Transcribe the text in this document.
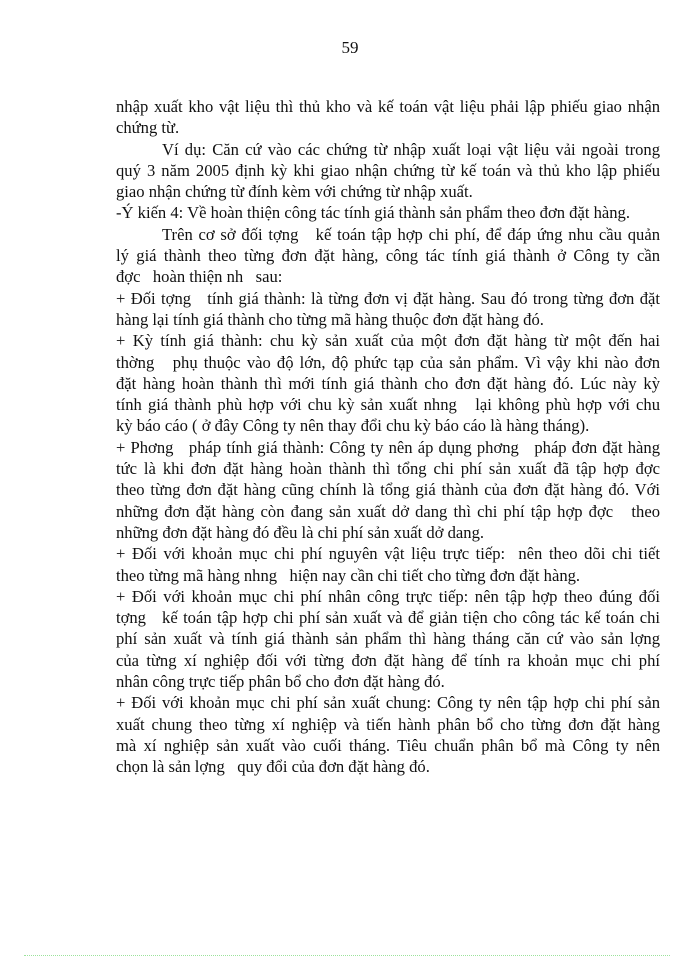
59
nhập xuất kho vật liệu thì thủ kho và kế toán vật liệu phải lập phiếu giao nhận
chứng từ.
Ví dụ: Căn cứ vào các chứng từ nhập xuất loại vật liệu vải ngoài trong
quý 3 năm 2005 định kỳ khi giao nhận chứng từ kế toán và thủ kho lập phiếu
giao nhận chứng từ đính kèm với chứng từ nhập xuất.
-Ý kiến 4: Về hoàn thiện công tác tính giá thành sản phẩm theo đơn đặt hàng.
Trên cơ sở đối tợng   kế toán tập hợp chi phí, để đáp ứng nhu cầu quản
lý giá thành theo từng đơn đặt hàng, công tác tính giá thành ở Công ty cần
đợc   hoàn thiện nh   sau:
+ Đối tợng   tính giá thành: là từng đơn vị đặt hàng. Sau đó trong từng đơn đặt
hàng lại tính giá thành cho từng mã hàng thuộc đơn đặt hàng đó.
+ Kỳ tính giá thành: chu kỳ sản xuất của một đơn đặt hàng từ một đến hai
thờng   phụ thuộc vào độ lớn, độ phức tạp của sản phẩm. Vì vậy khi nào đơn
đặt hàng hoàn thành thì mới tính giá thành cho đơn đặt hàng đó. Lúc này kỳ
tính giá thành phù hợp với chu kỳ sản xuất nhng   lại không phù hợp với chu
kỳ báo cáo ( ở đây Công ty nên thay đổi chu kỳ báo cáo là hàng tháng).
+ Phơng   pháp tính giá thành: Công ty nên áp dụng phơng   pháp đơn đặt hàng
tức là khi đơn đặt hàng hoàn thành thì tổng chi phí sản xuất đã tập hợp đợc
theo từng đơn đặt hàng cũng chính là tổng giá thành của đơn đặt hàng đó. Với
những đơn đặt hàng còn đang sản xuất dở dang thì chi phí tập hợp đợc   theo
những đơn đặt hàng đó đều là chi phí sản xuất dở dang.
+ Đối với khoản mục chi phí nguyên vật liệu trực tiếp:  nên theo dõi chi tiết
theo từng mã hàng nhng   hiện nay cần chi tiết cho từng đơn đặt hàng.
+ Đối với khoản mục chi phí nhân công trực tiếp: nên tập hợp theo đúng đối
tợng   kế toán tập hợp chi phí sản xuất và để giản tiện cho công tác kế toán chi
phí sản xuất và tính giá thành sản phẩm thì hàng tháng căn cứ vào sản lợng
của từng xí nghiệp đối với từng đơn đặt hàng để tính ra khoản mục chi phí
nhân công trực tiếp phân bổ cho đơn đặt hàng đó.
+ Đối với khoản mục chi phí sản xuất chung: Công ty nên tập hợp chi phí sản
xuất chung theo từng xí nghiệp và tiến hành phân bổ cho từng đơn đặt hàng
mà xí nghiệp sản xuất vào cuối tháng. Tiêu chuẩn phân bổ mà Công ty nên
chọn là sản lợng   quy đổi của đơn đặt hàng đó.
